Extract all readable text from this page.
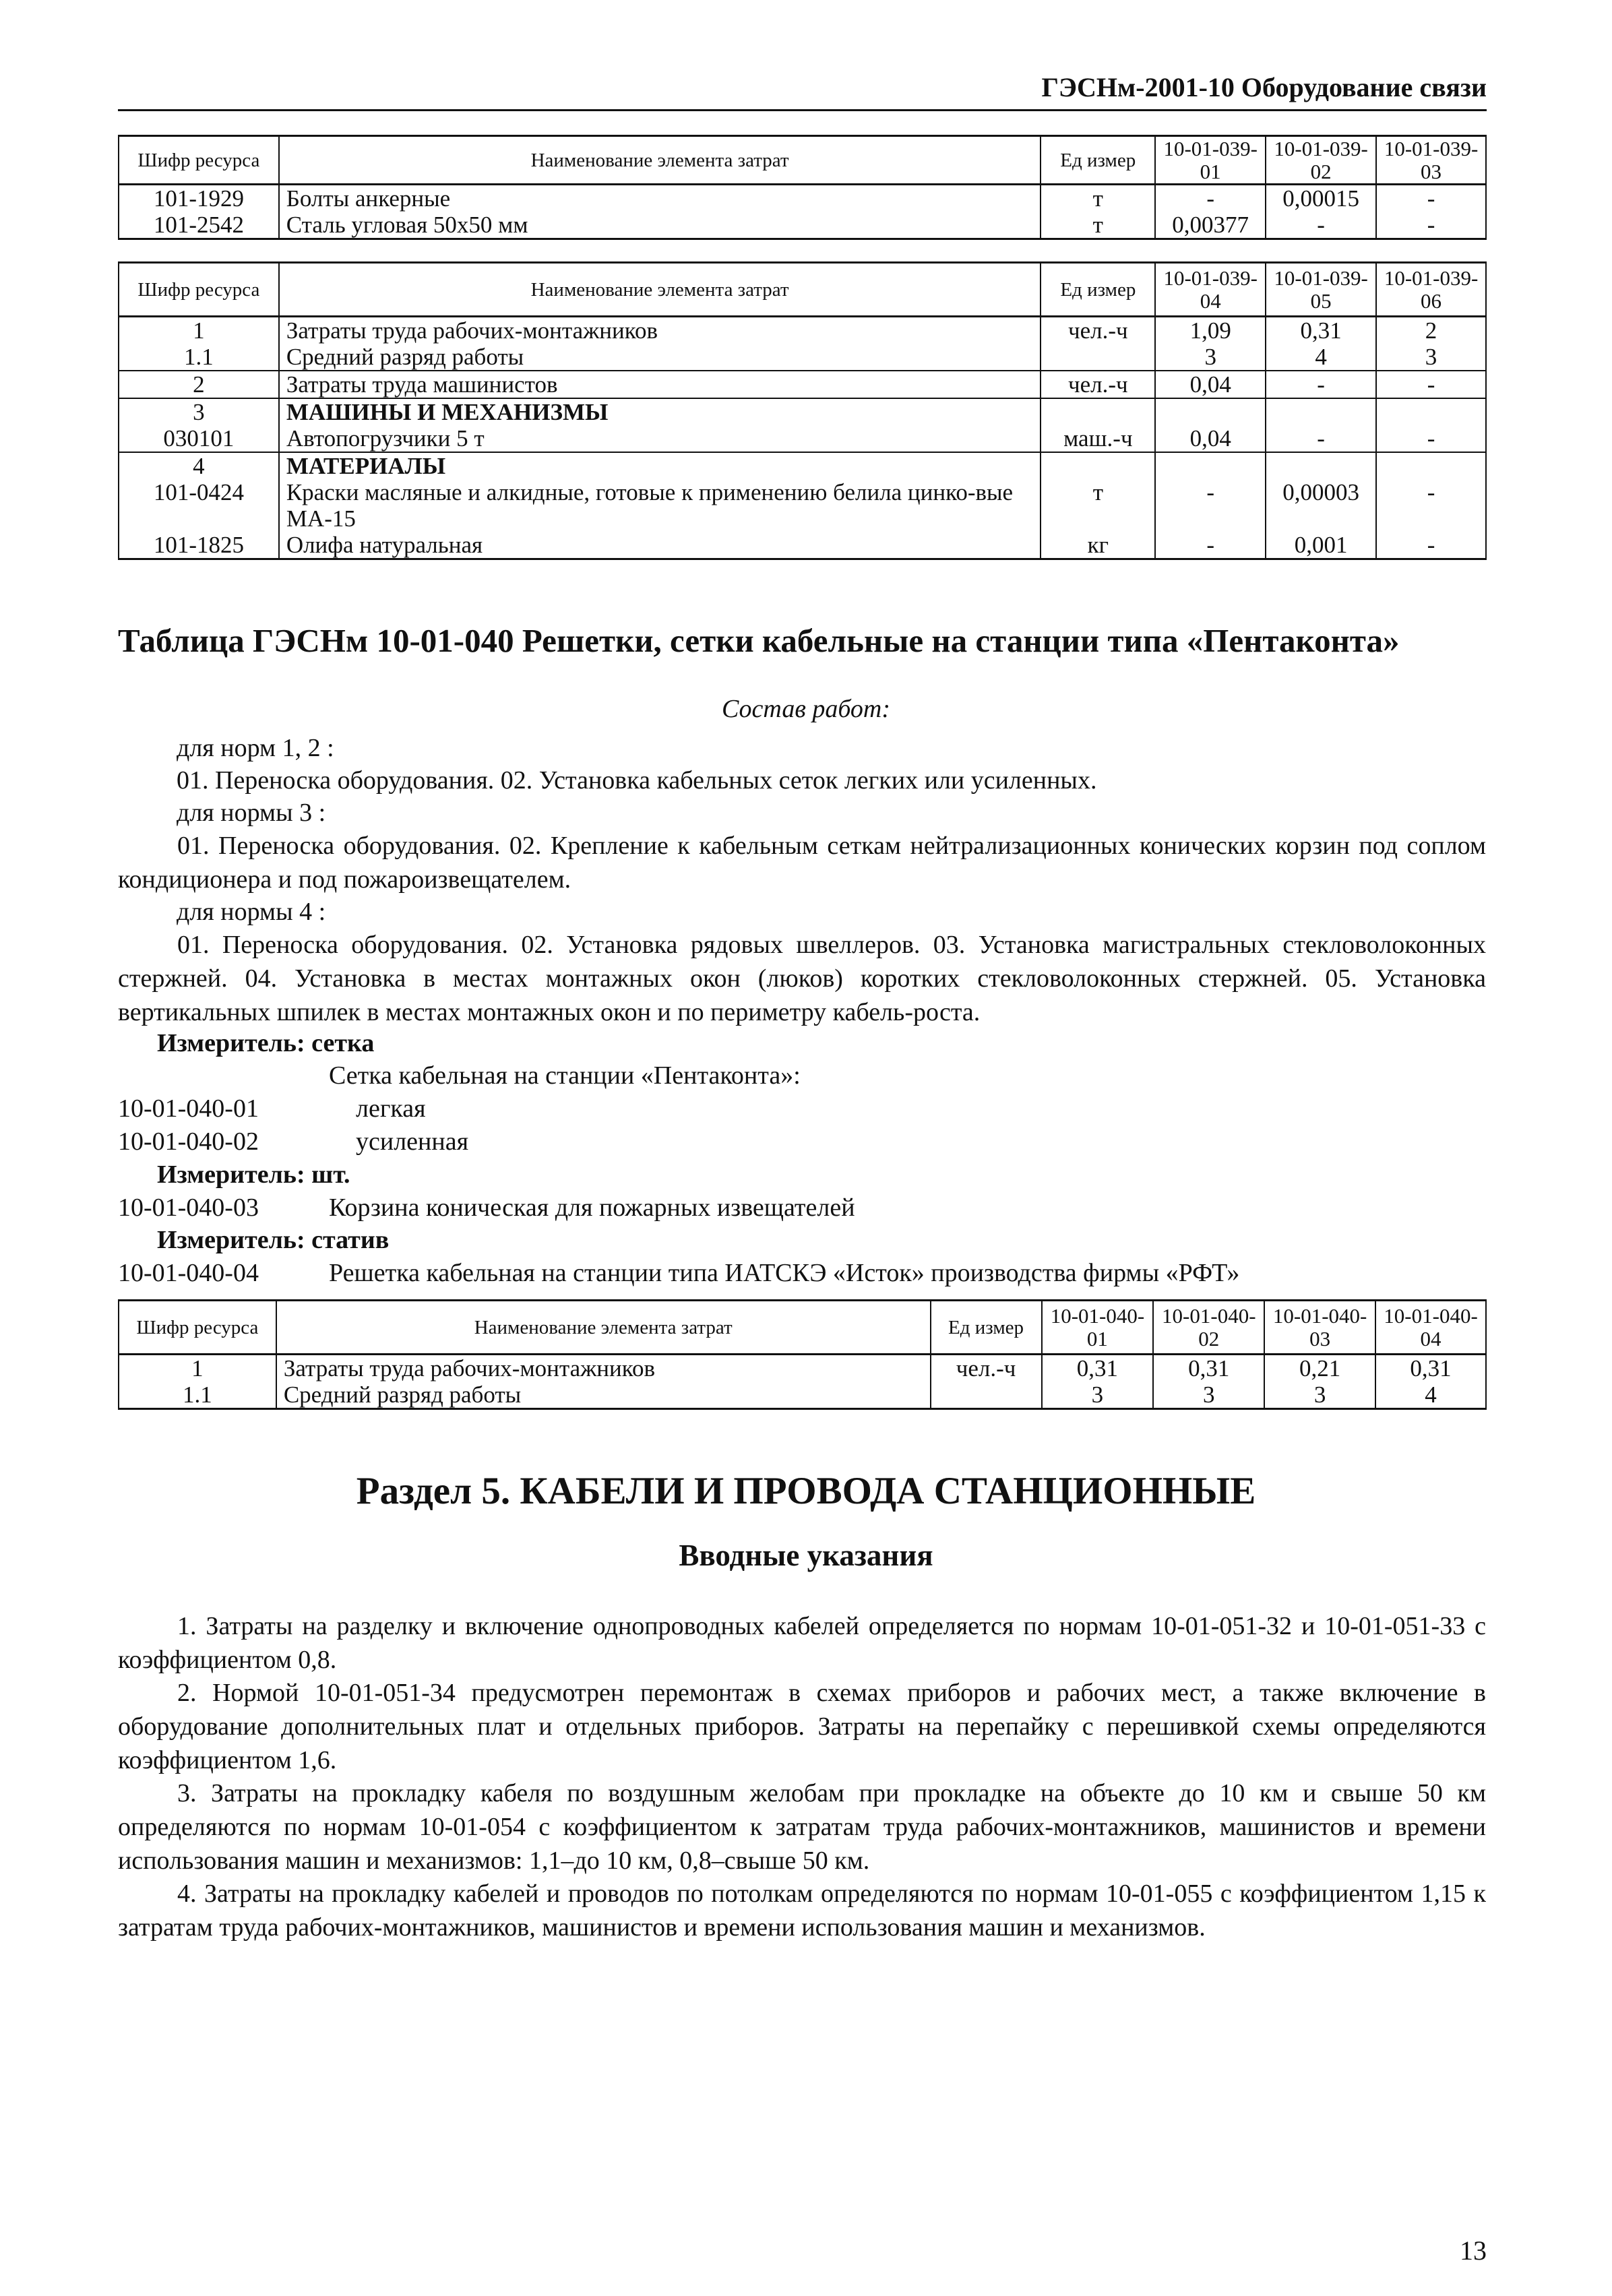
ГЭСНм-2001-10 Оборудование связи
Шифр ресурса	Наименование элемента затрат	Ед измер	10-01-039-01	10-01-039-02	10-01-039-03
101-1929	Болты анкерные	т	-	0,00015	-
101-2542	Сталь угловая 50х50 мм	т	0,00377	-	-
Шифр ресурса	Наименование элемента затрат	Ед измер	10-01-039-04	10-01-039-05	10-01-039-06
1	Затраты труда рабочих-монтажников	чел.-ч	1,09	0,31	2
1.1	Средний разряд работы		3	4	3
2	Затраты труда машинистов	чел.-ч	0,04	-	-
3	МАШИНЫ И МЕХАНИЗМЫ				
030101	Автопогрузчики 5 т	маш.-ч	0,04	-	-
4	МАТЕРИАЛЫ				
101-0424	Краски масляные и алкидные, готовые к применению белила цинко-вые МА-15	т	-	0,00003	-
101-1825	Олифа натуральная	кг	-	0,001	-
Таблица ГЭСНм 10-01-040 Решетки, сетки кабельные на станции типа «Пентаконта»
Состав работ:
для норм 1, 2 :
01. Переноска оборудования. 02. Установка кабельных сеток легких или усиленных.
для нормы 3 :
01. Переноска оборудования. 02. Крепление к кабельным сеткам нейтрализационных конических корзин под соплом кондиционера и под пожароизвещателем.
для нормы 4 :
01. Переноска оборудования. 02. Установка рядовых швеллеров. 03. Установка магистральных стекловолоконных стержней. 04. Установка в местах монтажных окон (люков) коротких стекловолоконных стержней. 05. Установка вертикальных шпилек в местах монтажных окон и по периметру кабель-роста.
Измеритель: сетка
Сетка кабельная на станции «Пентаконта»:
10-01-040-01	легкая
10-01-040-02	усиленная
Измеритель: шт.
10-01-040-03	Корзина коническая для пожарных извещателей
Измеритель: статив
10-01-040-04	Решетка кабельная на станции типа ИАТСКЭ «Исток» производства фирмы «РФТ»
Шифр ресурса	Наименование элемента затрат	Ед измер	10-01-040-01	10-01-040-02	10-01-040-03	10-01-040-04
1	Затраты труда рабочих-монтажников	чел.-ч	0,31	0,31	0,21	0,31
1.1	Средний разряд работы		3	3	3	4
Раздел 5. КАБЕЛИ И ПРОВОДА СТАНЦИОННЫЕ
Вводные указания
1. Затраты на разделку и включение однопроводных кабелей определяется по нормам 10-01-051-32 и 10-01-051-33 с коэффициентом 0,8.
2. Нормой 10-01-051-34 предусмотрен перемонтаж в схемах приборов и рабочих мест, а также включение в оборудование дополнительных плат и отдельных приборов. Затраты на перепайку с перешивкой схемы определяются коэффициентом 1,6.
3. Затраты на прокладку кабеля по воздушным желобам при прокладке на объекте до 10 км и свыше 50 км определяются по нормам 10-01-054 с коэффициентом к затратам труда рабочих-монтажников, машинистов и времени использования машин и механизмов: 1,1–до 10 км, 0,8–свыше 50 км.
4. Затраты на прокладку кабелей и проводов по потолкам определяются по нормам 10-01-055 с коэффициентом 1,15 к затратам труда рабочих-монтажников, машинистов и времени использования машин и механизмов.
13
